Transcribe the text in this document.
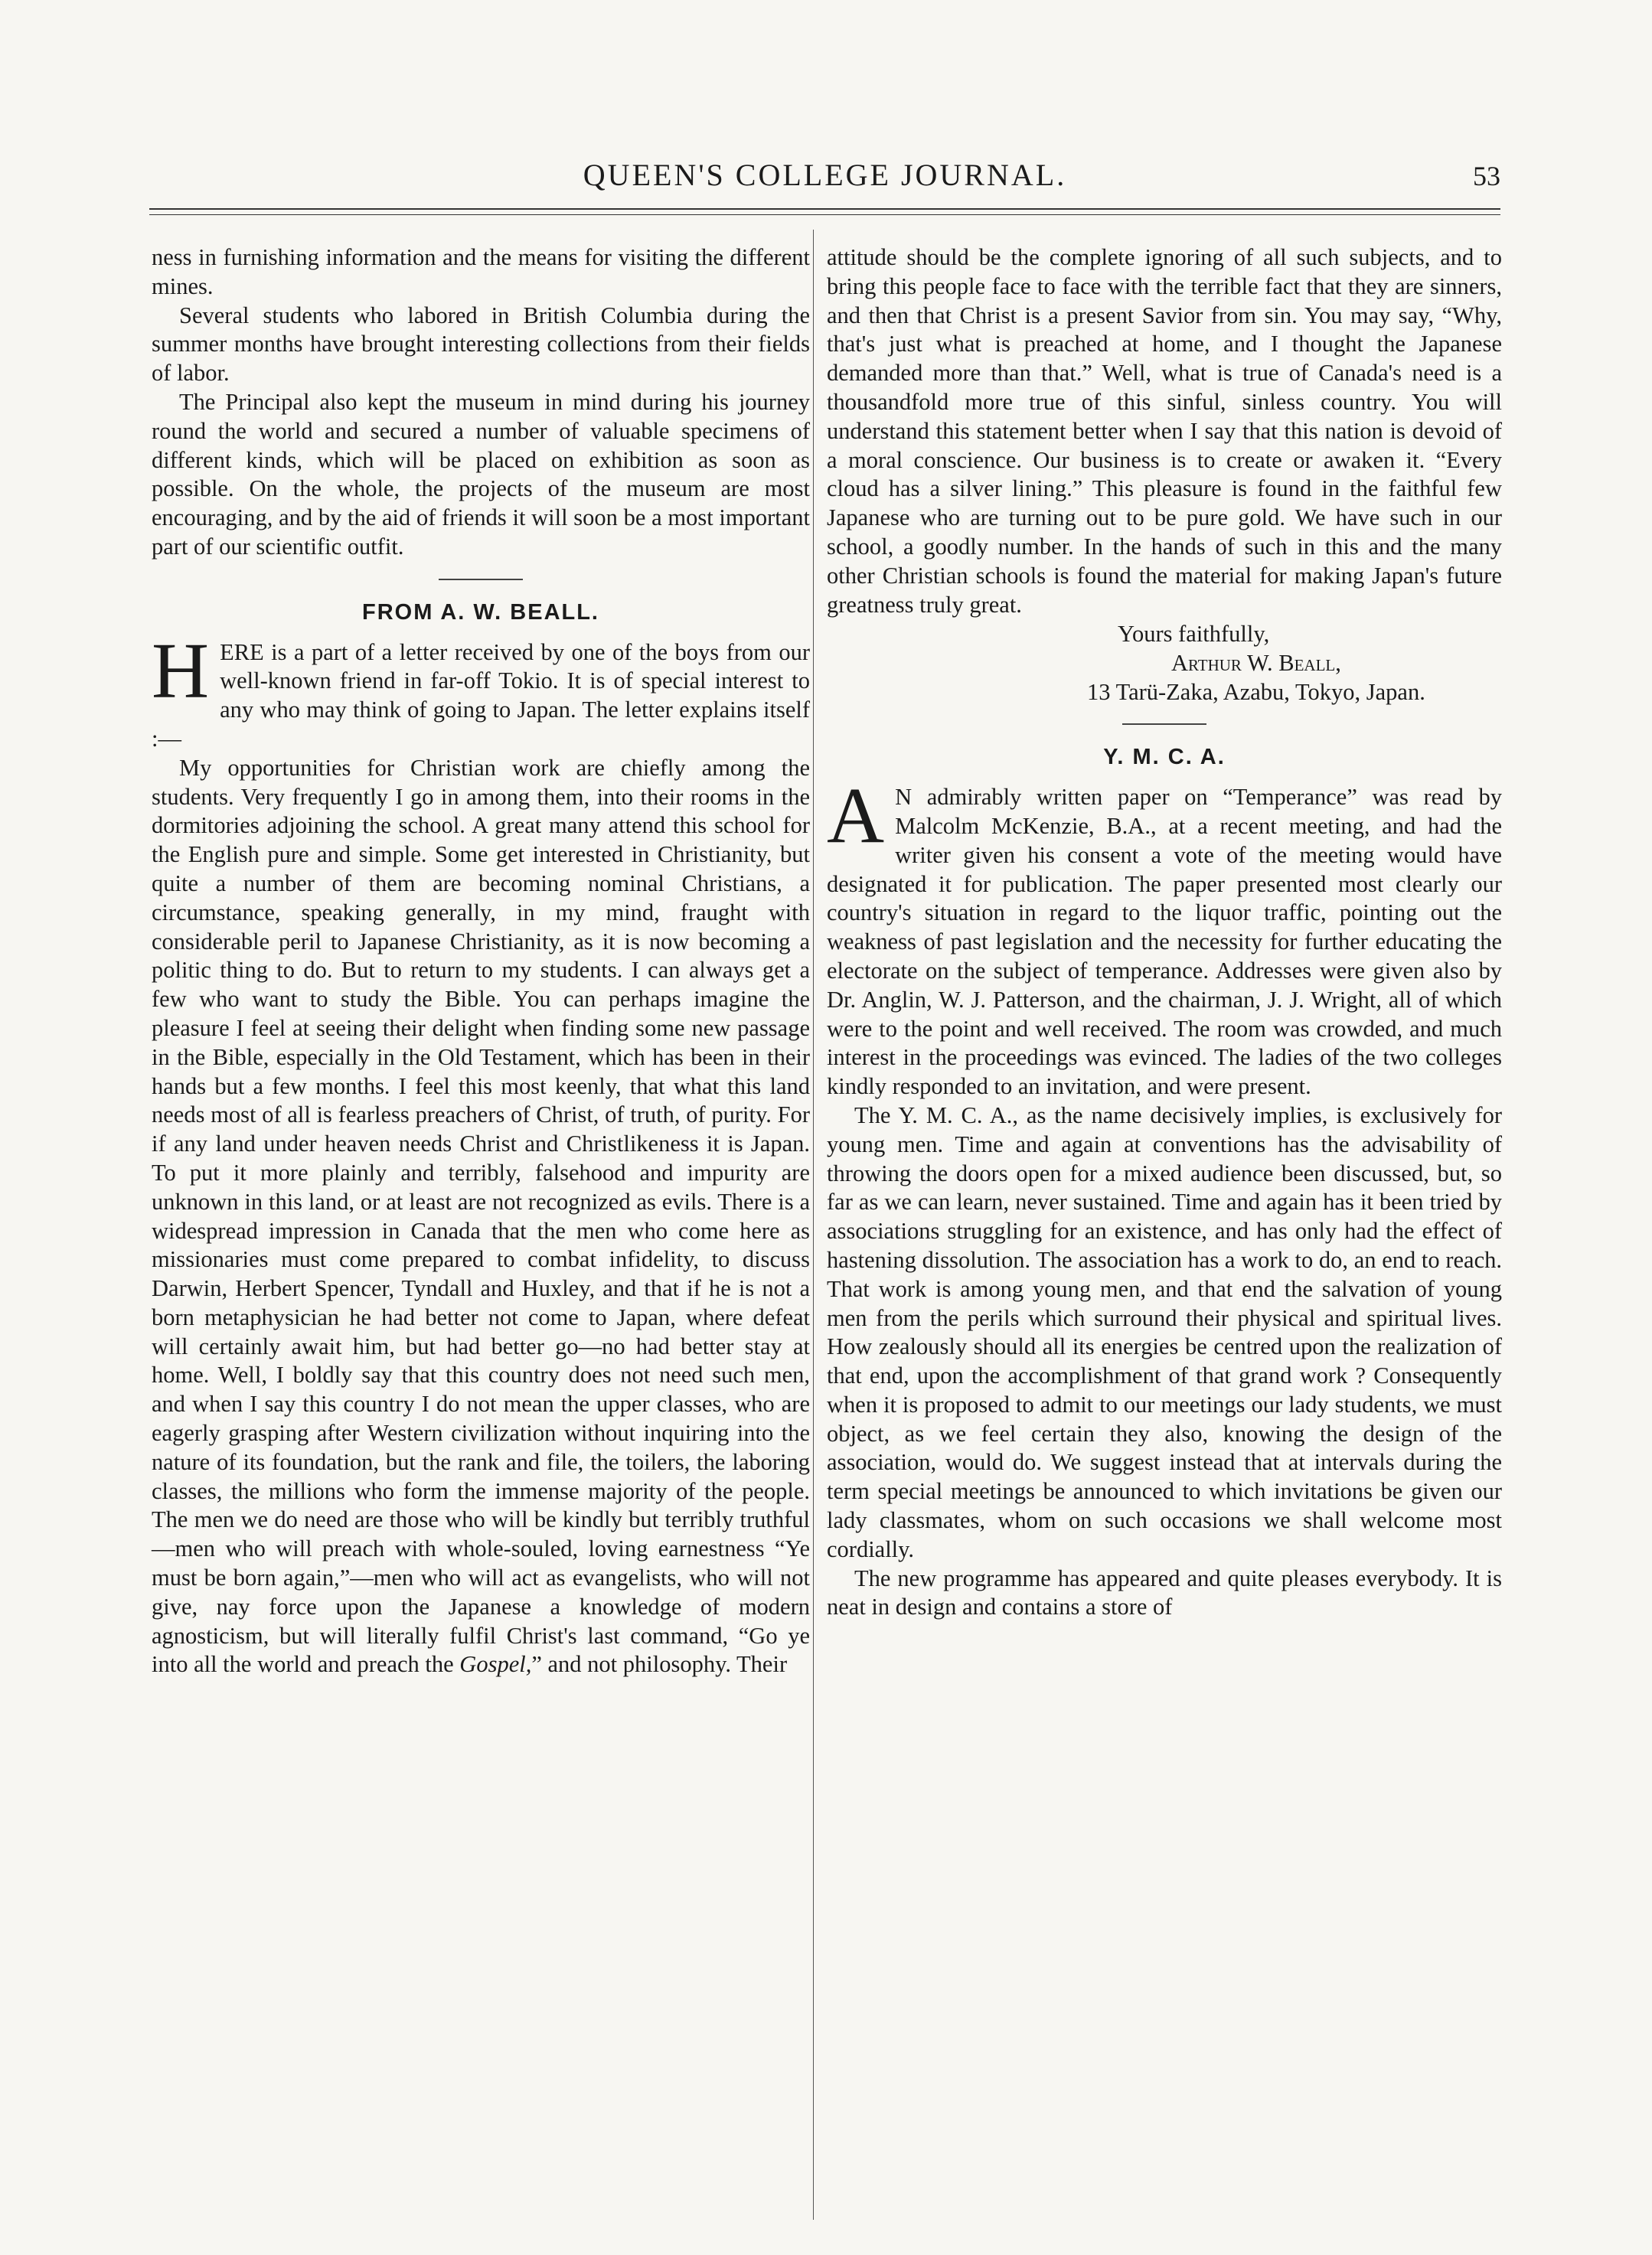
QUEEN'S COLLEGE JOURNAL.	53

ness in furnishing information and the means for visiting the different mines.

Several students who labored in British Columbia during the summer months have brought interesting collections from their fields of labor.

The Principal also kept the museum in mind during his journey round the world and secured a number of valuable specimens of different kinds, which will be placed on exhibition as soon as possible. On the whole, the projects of the museum are most encouraging, and by the aid of friends it will soon be a most important part of our scientific outfit.

FROM A. W. BEALL.

HERE is a part of a letter received by one of the boys from our well-known friend in far-off Tokio. It is of special interest to any who may think of going to Japan. The letter explains itself :—

My opportunities for Christian work are chiefly among the students. Very frequently I go in among them, into their rooms in the dormitories adjoining the school. A great many attend this school for the English pure and simple. Some get interested in Christianity, but quite a number of them are becoming nominal Christians, a circumstance, speaking generally, in my mind, fraught with considerable peril to Japanese Christianity, as it is now becoming a politic thing to do. But to return to my students. I can always get a few who want to study the Bible. You can perhaps imagine the pleasure I feel at seeing their delight when finding some new passage in the Bible, especially in the Old Testament, which has been in their hands but a few months. I feel this most keenly, that what this land needs most of all is fearless preachers of Christ, of truth, of purity. For if any land under heaven needs Christ and Christlikeness it is Japan. To put it more plainly and terribly, falsehood and impurity are unknown in this land, or at least are not recognized as evils. There is a widespread impression in Canada that the men who come here as missionaries must come prepared to combat infidelity, to discuss Darwin, Herbert Spencer, Tyndall and Huxley, and that if he is not a born metaphysician he had better not come to Japan, where defeat will certainly await him, but had better go—no had better stay at home. Well, I boldly say that this country does not need such men, and when I say this country I do not mean the upper classes, who are eagerly grasping after Western civilization without inquiring into the nature of its foundation, but the rank and file, the toilers, the laboring classes, the millions who form the immense majority of the people. The men we do need are those who will be kindly but terribly truthful—men who will preach with whole-souled, loving earnestness “Ye must be born again,”—men who will act as evangelists, who will not give, nay force upon the Japanese a knowledge of modern agnosticism, but will literally fulfil Christ's last command, “Go ye into all the world and preach the Gospel,” and not philosophy. Their

attitude should be the complete ignoring of all such subjects, and to bring this people face to face with the terrible fact that they are sinners, and then that Christ is a present Savior from sin. You may say, “Why, that's just what is preached at home, and I thought the Japanese demanded more than that.” Well, what is true of Canada's need is a thousandfold more true of this sinful, sinless country. You will understand this statement better when I say that this nation is devoid of a moral conscience. Our business is to create or awaken it. “Every cloud has a silver lining.” This pleasure is found in the faithful few Japanese who are turning out to be pure gold. We have such in our school, a goodly number. In the hands of such in this and the many other Christian schools is found the material for making Japan's future greatness truly great.

Yours faithfully,
Arthur W. Beall,
13 Tarü-Zaka, Azabu, Tokyo, Japan.
Y. M. C. A.

A N admirably written paper on “Temperance” was read by Malcolm McKenzie, B.A., at a recent meeting, and had the writer given his consent a vote of the meeting would have designated it for publication. The paper presented most clearly our country's situation in regard to the liquor traffic, pointing out the weakness of past legislation and the necessity for further educating the electorate on the subject of temperance. Addresses were given also by Dr. Anglin, W. J. Patterson, and the chairman, J. J. Wright, all of which were to the point and well received. The room was crowded, and much interest in the proceedings was evinced. The ladies of the two colleges kindly responded to an invitation, and were present.

The Y. M. C. A., as the name decisively implies, is exclusively for young men. Time and again at conventions has the advisability of throwing the doors open for a mixed audience been discussed, but, so far as we can learn, never sustained. Time and again has it been tried by associations struggling for an existence, and has only had the effect of hastening dissolution. The association has a work to do, an end to reach. That work is among young men, and that end the salvation of young men from the perils which surround their physical and spiritual lives. How zealously should all its energies be centred upon the realization of that end, upon the accomplishment of that grand work ? Consequently when it is proposed to admit to our meetings our lady students, we must object, as we feel certain they also, knowing the design of the association, would do. We suggest instead that at intervals during the term special meetings be announced to which invitations be given our lady classmates, whom on such occasions we shall welcome most cordially.

The new programme has appeared and quite pleases everybody. It is neat in design and contains a store of
